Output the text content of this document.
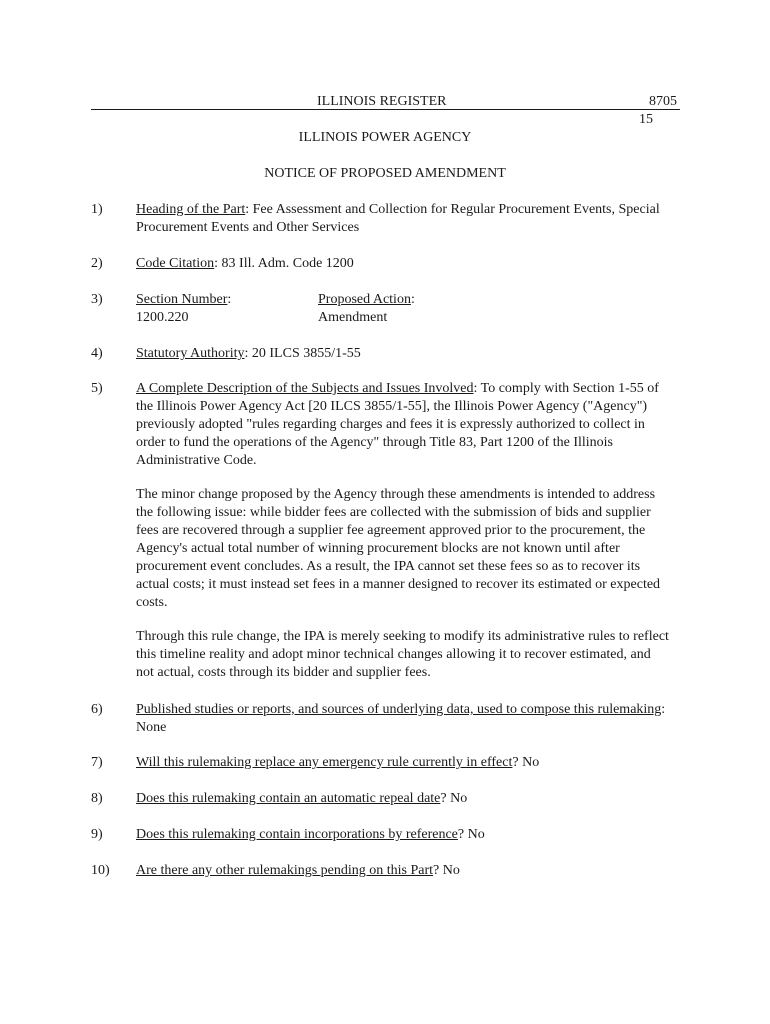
ILLINOIS REGISTER	8705
15
ILLINOIS POWER AGENCY
NOTICE OF PROPOSED AMENDMENT
1) Heading of the Part: Fee Assessment and Collection for Regular Procurement Events, Special Procurement Events and Other Services
2) Code Citation: 83 Ill. Adm. Code 1200
3) Section Number:
1200.220
Proposed Action:
Amendment
4) Statutory Authority: 20 ILCS 3855/1-55
5) A Complete Description of the Subjects and Issues Involved: To comply with Section 1-55 of the Illinois Power Agency Act [20 ILCS 3855/1-55], the Illinois Power Agency ("Agency") previously adopted "rules regarding charges and fees it is expressly authorized to collect in order to fund the operations of the Agency" through Title 83, Part 1200 of the Illinois Administrative Code.

The minor change proposed by the Agency through these amendments is intended to address the following issue: while bidder fees are collected with the submission of bids and supplier fees are recovered through a supplier fee agreement approved prior to the procurement, the Agency's actual total number of winning procurement blocks are not known until after procurement event concludes. As a result, the IPA cannot set these fees so as to recover its actual costs; it must instead set fees in a manner designed to recover its estimated or expected costs.
Through this rule change, the IPA is merely seeking to modify its administrative rules to reflect this timeline reality and adopt minor technical changes allowing it to recover estimated, and not actual, costs through its bidder and supplier fees.
6) Published studies or reports, and sources of underlying data, used to compose this rulemaking: None
7) Will this rulemaking replace any emergency rule currently in effect? No
8) Does this rulemaking contain an automatic repeal date? No
9) Does this rulemaking contain incorporations by reference? No
10) Are there any other rulemakings pending on this Part? No
